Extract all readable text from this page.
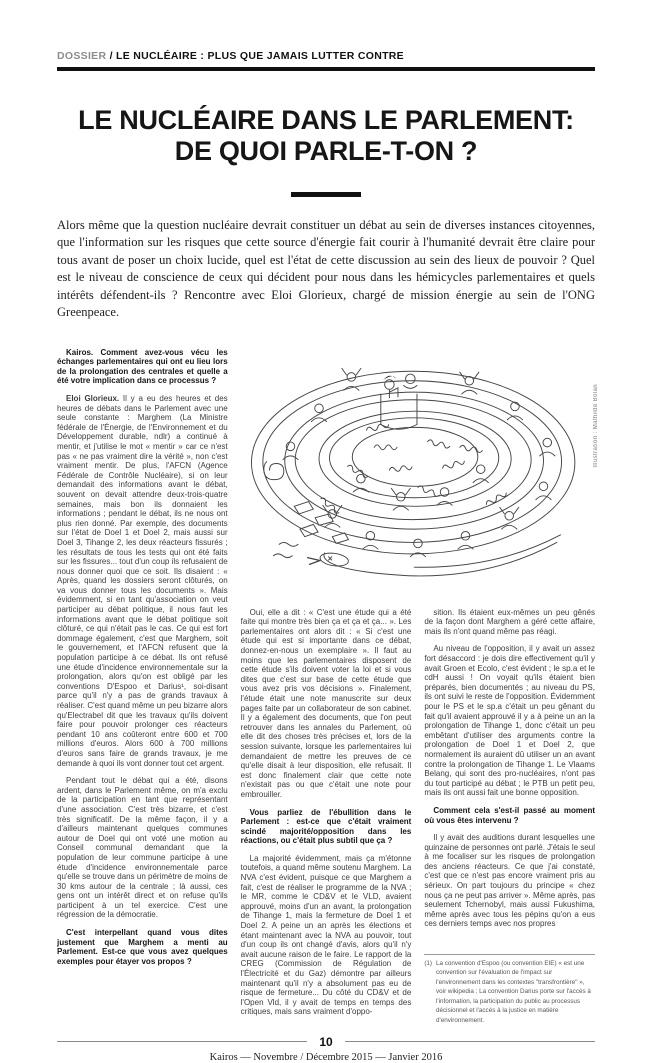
DOSSIER / LE NUCLÉAIRE : PLUS QUE JAMAIS LUTTER CONTRE
LE NUCLÉAIRE DANS LE PARLEMENT:
DE QUOI PARLE-T-ON ?

Alors même que la question nucléaire devrait constituer un débat au sein de diverses instances citoyennes, que l'information sur les risques que cette source d'énergie fait courir à l'humanité devrait être claire pour tous avant de poser un choix lucide, quel est l'état de cette discussion au sein des lieux de pouvoir ? Quel est le niveau de conscience de ceux qui décident pour nous dans les hémicycles parlementaires et quels intérêts défendent-ils ? Rencontre avec Eloi Glorieux, chargé de mission énergie au sein de l'ONG Greenpeace.

Kairos. Comment avez-vous vécu les échanges parlementaires qui ont eu lieu lors de la prolongation des centrales et quelle a été votre implication dans ce processus ?

Eloi Glorieux. Il y a eu des heures et des heures de débats dans le Parlement avec une seule constante : Marghem (La Ministre fédérale de l'Énergie, de l'Environnement et du Développement durable, ndlr) a continué à mentir, et j'utilise le mot « mentir » car ce n'est pas « ne pas vraiment dire la vérité », non c'est vraiment mentir. De plus, l'AFCN (Agence Fédérale de Contrôle Nucléaire), si on leur demandait des informations avant le débat, souvent on devait attendre deux-trois-quatre semaines, mais bon ils donnaient les informations ; pendant le débat, ils ne nous ont plus rien donné. Par exemple, des documents sur l'état de Doel 1 et Doel 2, mais aussi sur Doel 3, Tihange 2, les deux réacteurs fissurés ; les résultats de tous les tests qui ont été faits sur les fissures... tout d'un coup ils refusaient de nous donner quoi que ce soit. Ils disaient : « Après, quand les dossiers seront clôturés, on va vous donner tous les documents ». Mais évidemment, si en tant qu'association on veut participer au débat politique, il nous faut les informations avant que le débat politique soit clôturé, ce qui n'était pas le cas. Ce qui est fort dommage également, c'est que Marghem, soit le gouvernement, et l'AFCN refusent que la population participe à ce débat. Ils ont refusé une étude d'incidence environnementale sur la prolongation, alors qu'on est obligé par les conventions D'Espoo et Darius¹, soi-disant parce qu'il n'y a pas de grands travaux à réaliser. C'est quand même un peu bizarre alors qu'Electrabel dit que les travaux qu'ils doivent faire pour pouvoir prolonger ces réacteurs pendant 10 ans coûteront entre 600 et 700 millions d'euros. Alors 600 à 700 millions d'euros sans faire de grands travaux, je me demande à quoi ils vont donner tout cet argent.

Pendant tout le débat qui a été, disons ardent, dans le Parlement même, on m'a exclu de la participation en tant que représentant d'une association. C'est très bizarre, et c'est très significatif. De la même façon, il y a d'ailleurs maintenant quelques communes autour de Doel qui ont voté une motion au Conseil communal demandant que la population de leur commune participe à une étude d'incidence environnementale parce qu'elle se trouve dans un périmètre de moins de 30 kms autour de la centrale ; là aussi, ces gens ont un intérêt direct et on refuse qu'ils participent à un tel exercice. C'est une régression de la démocratie.

C'est interpellant quand vous dites justement que Marghem a menti au Parlement. Est-ce que vous avez quelques exemples pour étayer vos propos ?

Illustration : Mathilde Bolan

Oui, elle a dit : « C'est une étude qui a été faite qui montre très bien ça et ça et ça... ». Les parlementaires ont alors dit : « Si c'est une étude qui est si importante dans ce débat, donnez-en-nous un exemplaire ». Il faut au moins que les parlementaires disposent de cette étude s'ils doivent voter la loi et si vous dites que c'est sur base de cette étude que vous avez pris vos décisions ». Finalement, l'étude était une note manuscrite sur deux pages faite par un collaborateur de son cabinet. Il y a également des documents, que l'on peut retrouver dans les annales du Parlement, où elle dit des choses très précises et, lors de la session suivante, lorsque les parlementaires lui demandaient de mettre les preuves de ce qu'elle disait à leur disposition, elle refusait. Il est donc finalement clair que cette note n'existait pas ou que c'était une note pour embrouiller.

Vous parliez de l'ébullition dans le Parlement : est-ce que c'était vraiment scindé majorité/opposition dans les réactions, ou c'était plus subtil que ça ?

La majorité évidemment, mais ça m'étonne toutefois, a quand même soutenu Marghem. La NVA c'est évident, puisque ce que Marghem a fait, c'est de réaliser le programme de la NVA ; le MR, comme le CD&V et le VLD, avaient approuvé, moins d'un an avant, la prolongation de Tihange 1, mais la fermeture de Doel 1 et Doel 2. A peine un an après les élections et étant maintenant avec la NVA au pouvoir, tout d'un coup ils ont changé d'avis, alors qu'il n'y avait aucune raison de le faire. Le rapport de la CREG (Commission de Régulation de l'Électricité et du Gaz) démontre par ailleurs maintenant qu'il n'y a absolument pas eu de risque de fermeture... Du côté du CD&V et de l'Open Vld, il y avait de temps en temps des critiques, mais sans vraiment d'oppo-

sition. Ils étaient eux-mêmes un peu gênés de la façon dont Marghem a géré cette affaire, mais ils n'ont quand même pas réagi.

Au niveau de l'opposition, il y avait un assez fort désaccord : je dois dire effectivement qu'il y avait Groen et Ecolo, c'est évident ; le sp.a et le cdH aussi ! On voyait qu'ils étaient bien préparés, bien documentés ; au niveau du PS, ils ont suivi le reste de l'opposition. Évidemment pour le PS et le sp.a c'était un peu gênant du fait qu'il avaient approuvé il y a à peine un an la prolongation de Tihange 1, donc c'était un peu embêtant d'utiliser des arguments contre la prolongation de Doel 1 et Doel 2, que normalement ils auraient dû utiliser un an avant contre la prolongation de Tihange 1. Le Vlaams Belang, qui sont des pro-nucléaires, n'ont pas du tout participé au débat ; le PTB un petit peu, mais ils ont aussi fait une bonne opposition.

Comment cela s'est-il passé au moment où vous êtes intervenu ?

Il y avait des auditions durant lesquelles une quinzaine de personnes ont parlé. J'étais le seul à me focaliser sur les risques de prolongation des anciens réacteurs. Ce que j'ai constaté, c'est que ce n'est pas encore vraiment pris au sérieux. On part toujours du principe « chez nous ça ne peut pas arriver ». Même après, pas seulement Tchernobyl, mais aussi Fukushima, même après avec tous les pépins qu'on a eus ces derniers temps avec nos propres

(1) La convention d'Espoo (ou convention EIE) « est une convention sur l'évaluation de l'impact sur l'environnement dans les contextes "transfrontière" », voir wikipedia ; La convention Darius porte sur l'accès à l'information, la participation du public au processus décisionnel et l'accès à la justice en matière d'environnement.
10
Kairos — Novembre / Décembre 2015 — Janvier 2016
